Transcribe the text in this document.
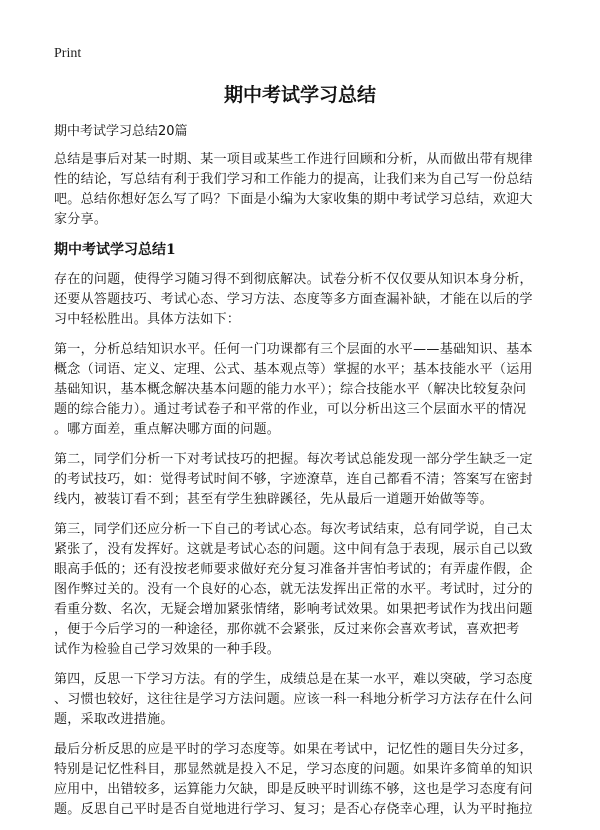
Print
期中考试学习总结
期中考试学习总结20篇
总结是事后对某一时期、某一项目或某些工作进行回顾和分析，从而做出带有规律
性的结论，写总结有利于我们学习和工作能力的提高，让我们来为自己写一份总结
吧。总结你想好怎么写了吗？下面是小编为大家收集的期中考试学习总结，欢迎大
家分享。
期中考试学习总结1
存在的问题，使得学习随习得不到彻底解决。试卷分析不仅仅要从知识本身分析，
还要从答题技巧、考试心态、学习方法、态度等多方面查漏补缺，才能在以后的学
习中轻松胜出。具体方法如下：
第一，分析总结知识水平。任何一门功课都有三个层面的水平——基础知识、基本
概念（词语、定义、定理、公式、基本观点等）掌握的水平；基本技能水平（运用
基础知识，基本概念解决基本问题的能力水平）；综合技能水平（解决比较复杂问
题的综合能力）。通过考试卷子和平常的作业，可以分析出这三个层面水平的情况
。哪方面差，重点解决哪方面的问题。
第二，同学们分析一下对考试技巧的把握。每次考试总能发现一部分学生缺乏一定
的考试技巧，如：觉得考试时间不够，字迹潦草，连自己都看不清；答案写在密封
线内，被装订看不到；甚至有学生独辟蹊径，先从最后一道题开始做等等。
第三，同学们还应分析一下自己的考试心态。每次考试结束，总有同学说，自己太
紧张了，没有发挥好。这就是考试心态的问题。这中间有急于表现，展示自己以致
眼高手低的；还有没按老师要求做好充分复习准备并害怕考试的；有弄虚作假，企
图作弊过关的。没有一个良好的心态，就无法发挥出正常的水平。考试时，过分的
看重分数、名次，无疑会增加紧张情绪，影响考试效果。如果把考试作为找出问题
，便于今后学习的一种途径，那你就不会紧张，反过来你会喜欢考试，喜欢把考
试作为检验自己学习效果的一种手段。
第四，反思一下学习方法。有的学生，成绩总是在某一水平，难以突破，学习态度
、习惯也较好，这往往是学习方法问题。应该一科一科地分析学习方法存在什么问
题，采取改进措施。
最后分析反思的应是平时的学习态度等。如果在考试中，记忆性的题目失分过多，
特别是记忆性科目，那显然就是投入不足，学习态度的问题。如果许多简单的知识
应用中，出错较多，运算能力欠缺，即是反映平时训练不够，这也是学习态度有问
题。反思自己平时是否自觉地进行学习、复习；是否心存侥幸心理，认为平时拖拉
